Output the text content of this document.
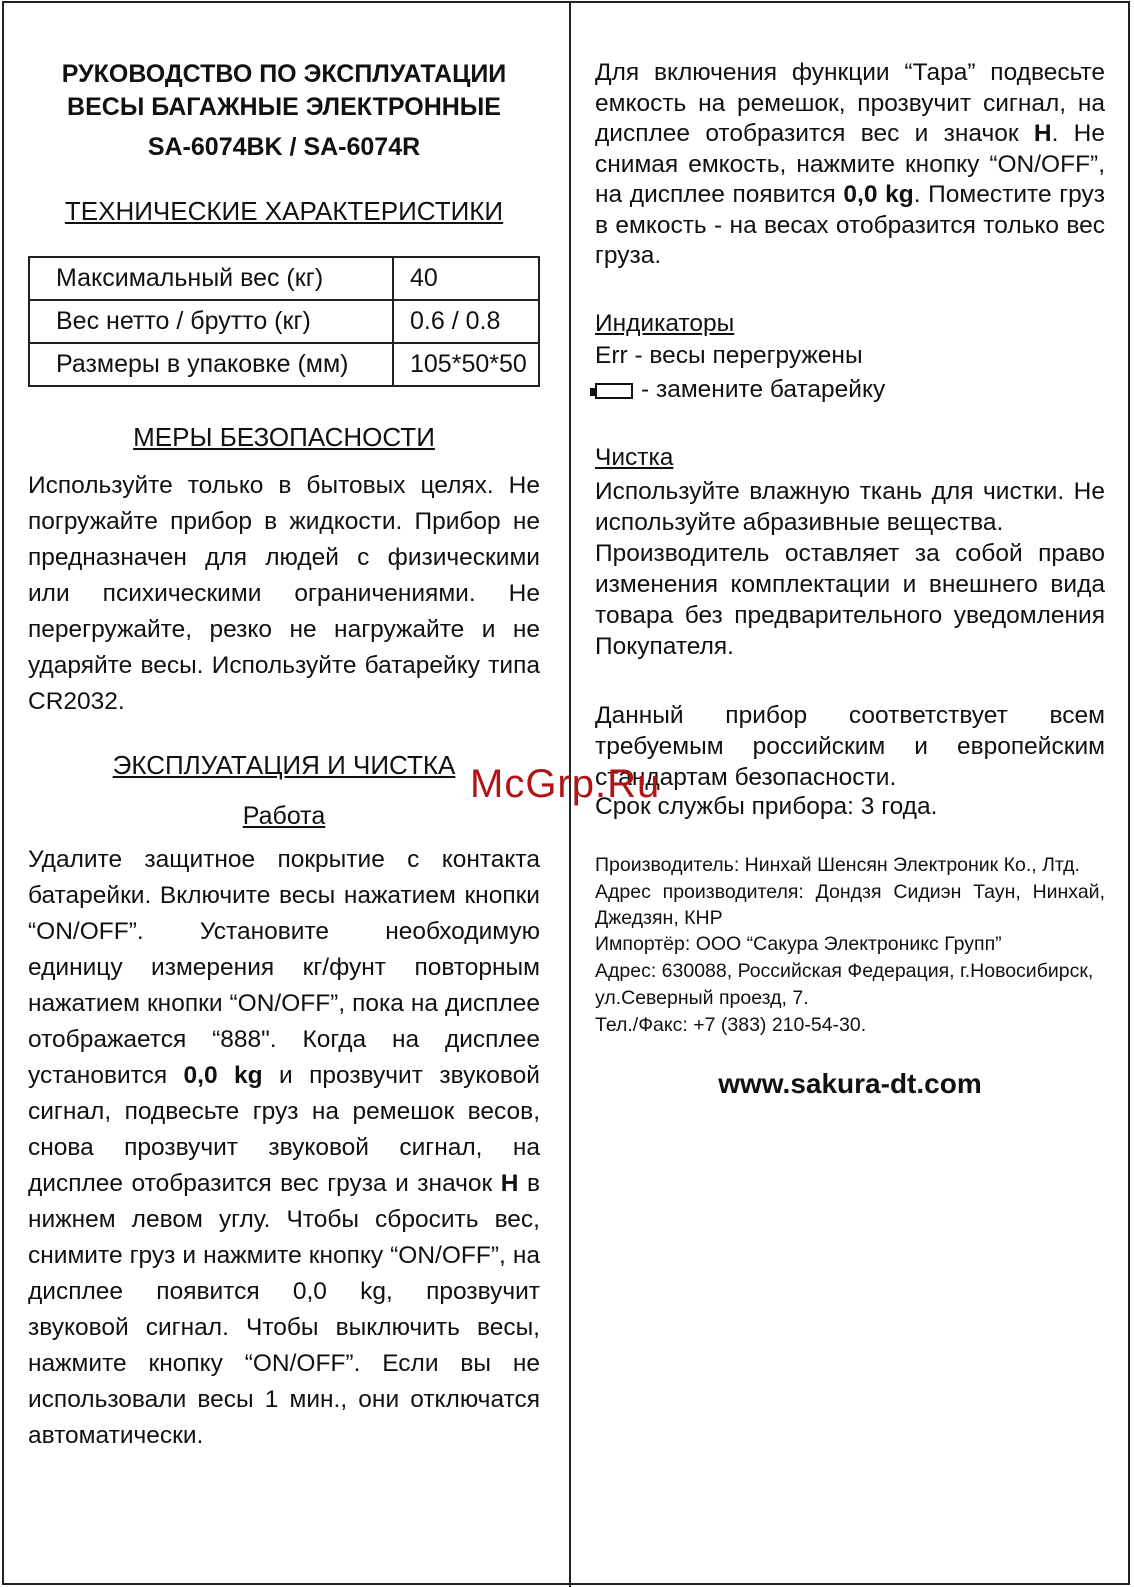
РУКОВОДСТВО ПО ЭКСПЛУАТАЦИИ
ВЕСЫ БАГАЖНЫЕ ЭЛЕКТРОННЫЕ
SA-6074BK / SA-6074R
ТЕХНИЧЕСКИЕ ХАРАКТЕРИСТИКИ
МЕРЫ БЕЗОПАСНОСТИ

Используйте только в бытовых целях. Не погружайте прибор в жидкости. Прибор не предназначен для людей с физическими или психическими ограничениями. Не перегружайте, резко не нагружайте и не ударяйте весы. Используйте батарейку типа CR2032.

ЭКСПЛУАТАЦИЯ И ЧИСТКА
Работа

Удалите защитное покрытие с контакта батарейки. Включите весы нажатием кнопки “ON/OFF”. Установите необходимую единицу измерения кг/фунт повторным нажатием кнопки “ON/OFF”, пока на дисплее отображается “888". Когда на дисплее установится 0,0 kg и прозвучит звуковой сигнал, подвесьте груз на ремешок весов, снова прозвучит звуковой сигнал, на дисплее отобразится вес груза и значок H в нижнем левом углу. Чтобы сбросить вес, снимите груз и нажмите кнопку “ON/OFF”, на дисплее появится 0,0 kg, прозвучит звуковой сигнал. Чтобы выключить весы, нажмите кнопку “ON/OFF”. Если вы не использовали весы 1 мин., они отключатся автоматически.

Максимальный вес (кг)	40
Вес нетто / брутто (кг)	0.6 / 0.8
Размеры в упаковке (мм)	105*50*50

Для включения функции “Тара” подвесьте емкость на ремешок, прозвучит сигнал, на дисплее отобразится вес и значок H. Не снимая емкость, нажмите кнопку “ON/OFF”, на дисплее появится 0,0 kg. Поместите груз в емкость - на весах отобразится только вес груза.

Индикаторы
Err - весы перегружены
- замените батарейку
Чистка

Используйте влажную ткань для чистки. Не используйте абразивные вещества.

Производитель оставляет за собой право изменения комплектации и внешнего вида товара без предварительного уведомления Покупателя.

Данный прибор соответствует всем требуемым российским и европейским стандартам безопасности.

Срок службы прибора: 3 года.

Производитель: Нинхай Шенсян Электроник Ко., Лтд.

Адрес производителя: Дондзя Сидиэн Таун, Нинхай, Джедзян, КНР

Импортёр: ООО “Сакура Электроникс Групп”

Адрес: 630088, Российская Федерация, г.Новосибирск, ул.Северный проезд, 7.

Тел./Факс: +7 (383) 210-54-30.

www.sakura-dt.com
McGrp.Ru
